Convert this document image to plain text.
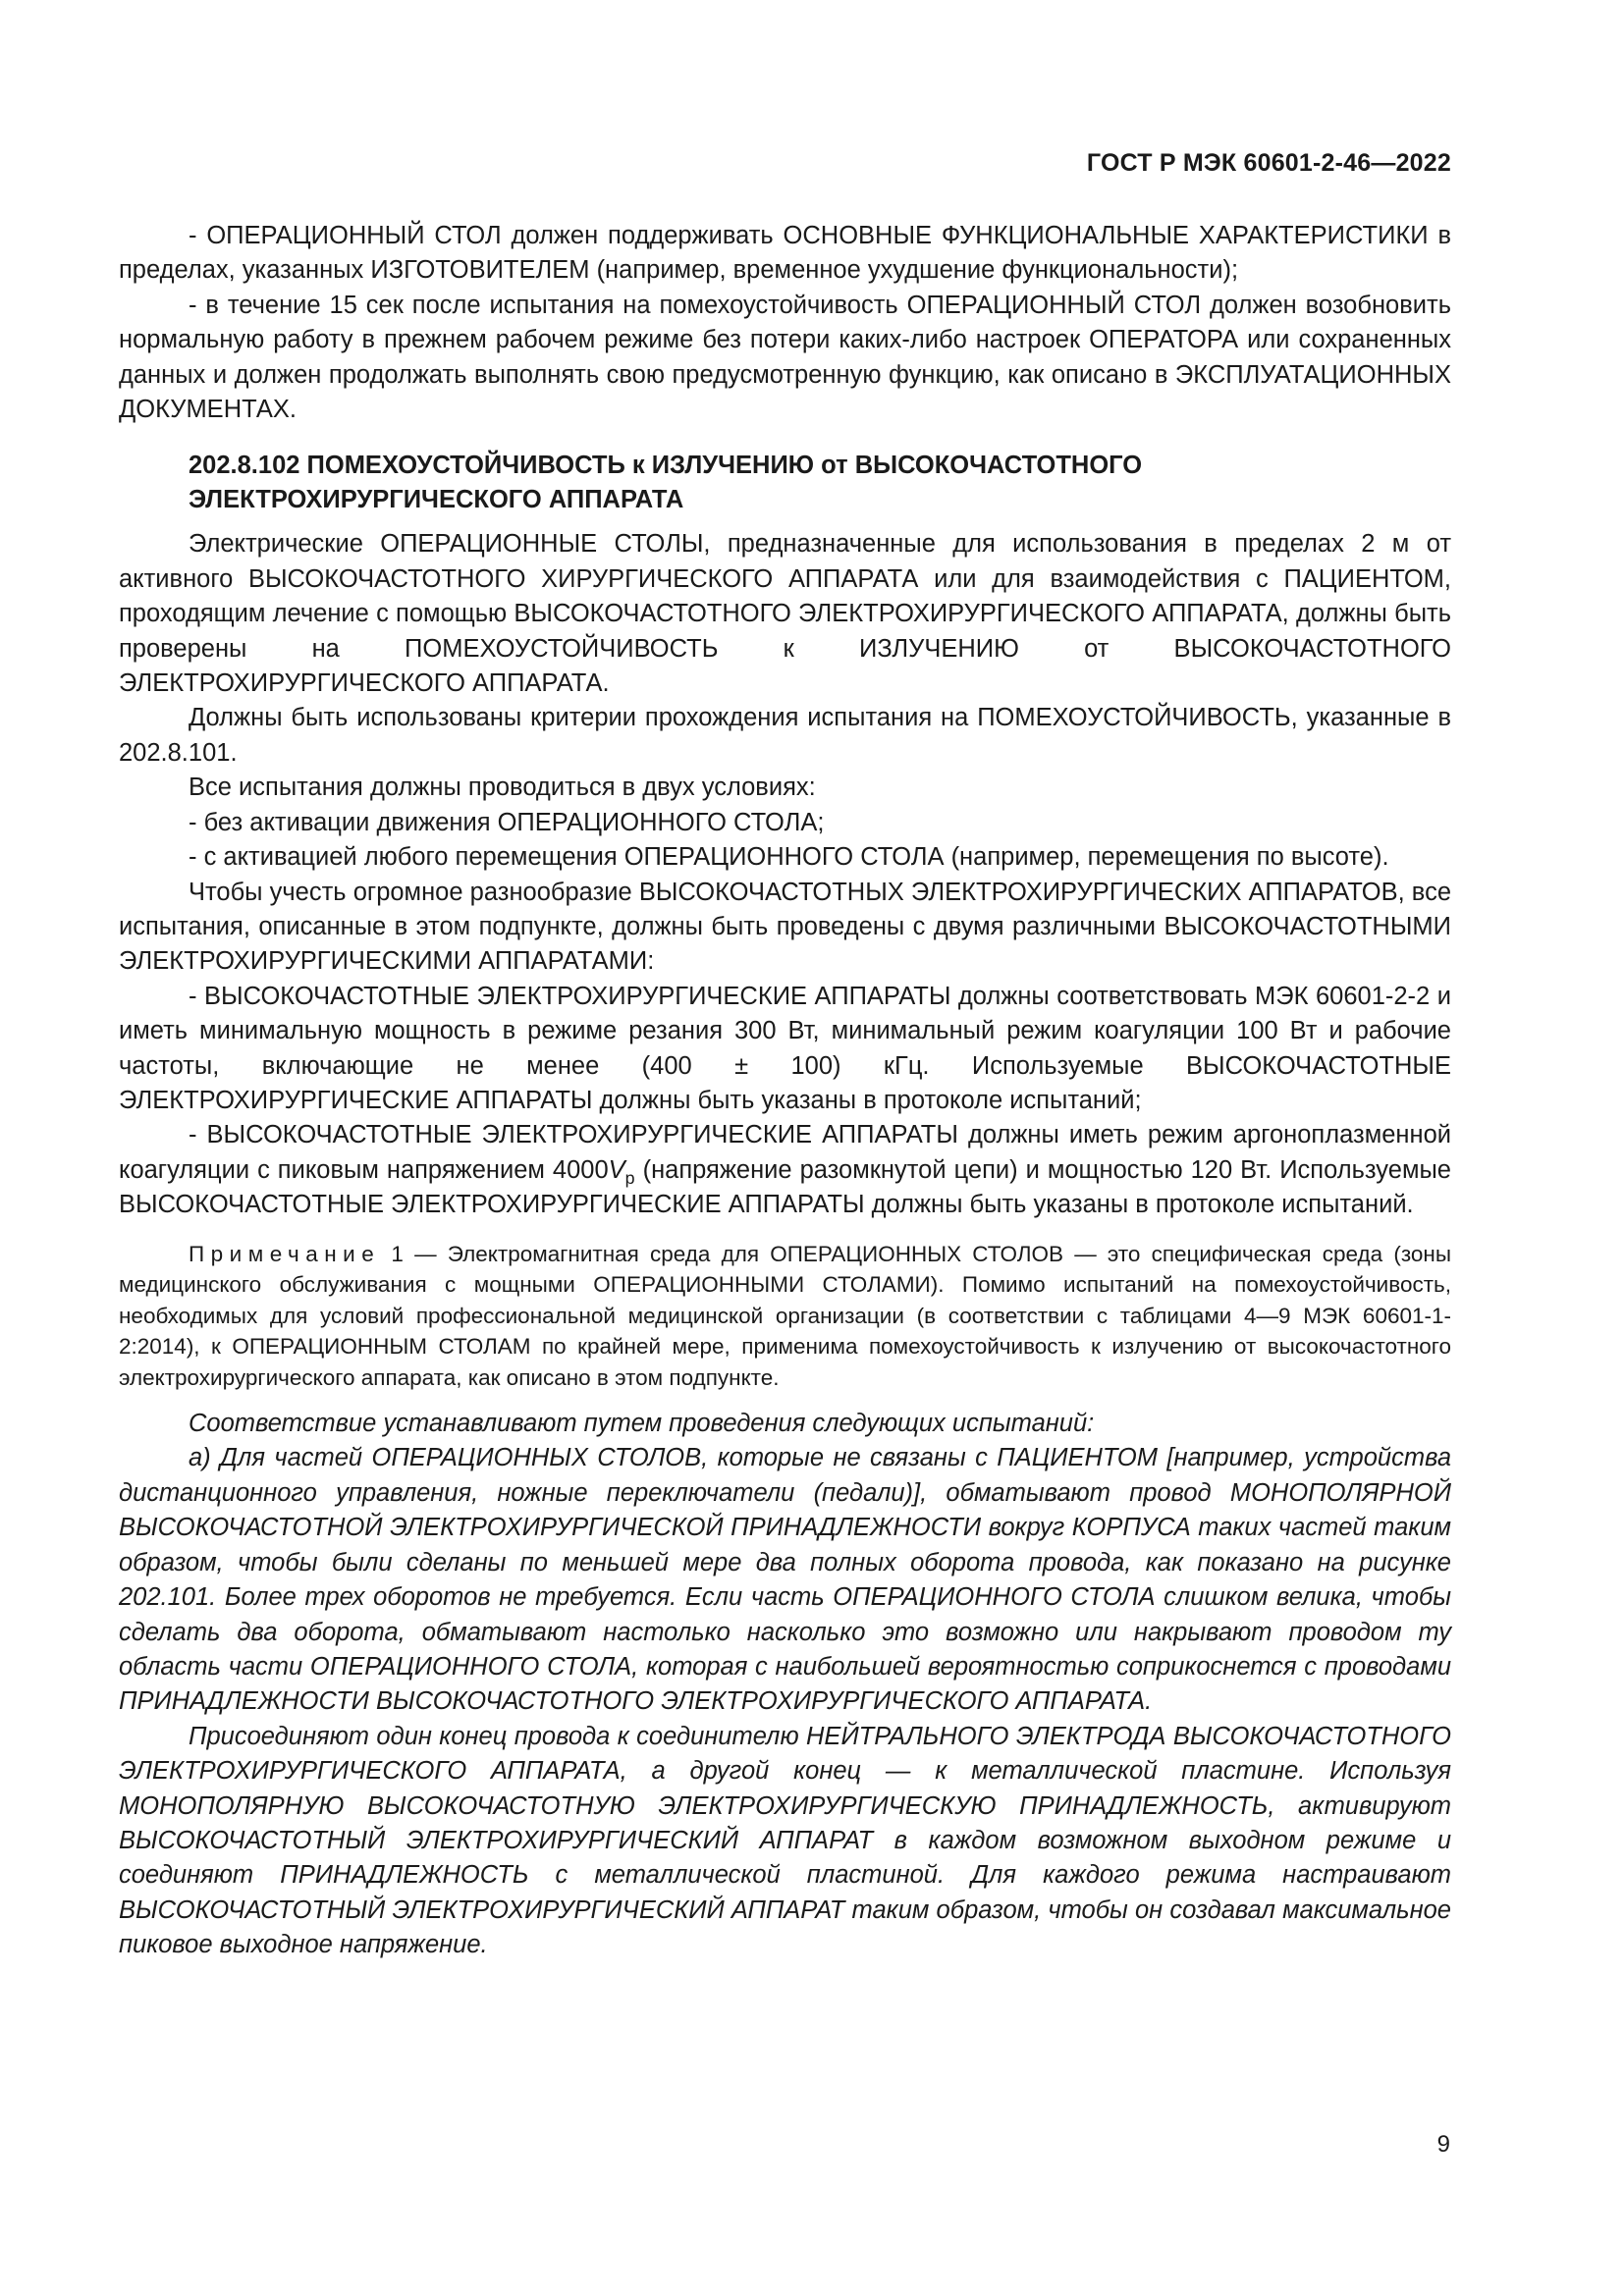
ГОСТ Р МЭК 60601-2-46—2022

- ОПЕРАЦИОННЫЙ СТОЛ должен поддерживать ОСНОВНЫЕ ФУНКЦИОНАЛЬНЫЕ ХАРАКТЕРИСТИКИ в пределах, указанных ИЗГОТОВИТЕЛЕМ (например, временное ухудшение функциональности);

- в течение 15 сек после испытания на помехоустойчивость ОПЕРАЦИОННЫЙ СТОЛ должен возобновить нормальную работу в прежнем рабочем режиме без потери каких-либо настроек ОПЕРАТОРА или сохраненных данных и должен продолжать выполнять свою предусмотренную функцию, как описано в ЭКСПЛУАТАЦИОННЫХ ДОКУМЕНТАХ.

202.8.102 ПОМЕХОУСТОЙЧИВОСТЬ к ИЗЛУЧЕНИЮ от ВЫСОКОЧАСТОТНОГО
ЭЛЕКТРОХИРУРГИЧЕСКОГО АППАРАТА

Электрические ОПЕРАЦИОННЫЕ СТОЛЫ, предназначенные для использования в пределах 2 м от активного ВЫСОКОЧАСТОТНОГО ХИРУРГИЧЕСКОГО АППАРАТА или для взаимодействия с ПАЦИЕНТОМ, проходящим лечение с помощью ВЫСОКОЧАСТОТНОГО ЭЛЕКТРОХИРУРГИЧЕСКОГО АППАРАТА, должны быть проверены на ПОМЕХОУСТОЙЧИВОСТЬ к ИЗЛУЧЕНИЮ от ВЫСОКОЧАСТОТНОГО ЭЛЕКТРОХИРУРГИЧЕСКОГО АППАРАТА.

Должны быть использованы критерии прохождения испытания на ПОМЕХОУСТОЙЧИВОСТЬ, указанные в 202.8.101.

Все испытания должны проводиться в двух условиях:

- без активации движения ОПЕРАЦИОННОГО СТОЛА;

- с активацией любого перемещения ОПЕРАЦИОННОГО СТОЛА (например, перемещения по высоте).

Чтобы учесть огромное разнообразие ВЫСОКОЧАСТОТНЫХ ЭЛЕКТРОХИРУРГИЧЕСКИХ АППАРАТОВ, все испытания, описанные в этом подпункте, должны быть проведены с двумя различными ВЫСОКОЧАСТОТНЫМИ ЭЛЕКТРОХИРУРГИЧЕСКИМИ АППАРАТАМИ:

- ВЫСОКОЧАСТОТНЫЕ ЭЛЕКТРОХИРУРГИЧЕСКИЕ АППАРАТЫ должны соответствовать МЭК 60601-2-2 и иметь минимальную мощность в режиме резания 300 Вт, минимальный режим коагуляции 100 Вт и рабочие частоты, включающие не менее (400 ± 100) кГц. Используемые ВЫСОКОЧАСТОТНЫЕ ЭЛЕКТРОХИРУРГИЧЕСКИЕ АППАРАТЫ должны быть указаны в протоколе испытаний;

- ВЫСОКОЧАСТОТНЫЕ ЭЛЕКТРОХИРУРГИЧЕСКИЕ АППАРАТЫ должны иметь режим аргоноплазменной коагуляции с пиковым напряжением $4000V_p$ (напряжение разомкнутой цепи) и мощностью 120 Вт. Используемые ВЫСОКОЧАСТОТНЫЕ ЭЛЕКТРОХИРУРГИЧЕСКИЕ АППАРАТЫ должны быть указаны в протоколе испытаний.

Примечание 1 — Электромагнитная среда для ОПЕРАЦИОННЫХ СТОЛОВ — это специфическая среда (зоны медицинского обслуживания с мощными ОПЕРАЦИОННЫМИ СТОЛАМИ). Помимо испытаний на помехоустойчивость, необходимых для условий профессиональной медицинской организации (в соответствии с таблицами 4—9 МЭК 60601-1-2:2014), к ОПЕРАЦИОННЫМ СТОЛАМ по крайней мере, применима помехоустойчивость к излучению от высокочастотного электрохирургического аппарата, как описано в этом подпункте.

Соответствие устанавливают путем проведения следующих испытаний:

а) Для частей ОПЕРАЦИОННЫХ СТОЛОВ, которые не связаны с ПАЦИЕНТОМ [например, устройства дистанционного управления, ножные переключатели (педали)], обматывают провод МОНОПОЛЯРНОЙ ВЫСОКОЧАСТОТНОЙ ЭЛЕКТРОХИРУРГИЧЕСКОЙ ПРИНАДЛЕЖНОСТИ вокруг КОРПУСА таких частей таким образом, чтобы были сделаны по меньшей мере два полных оборота провода, как показано на рисунке 202.101. Более трех оборотов не требуется. Если часть ОПЕРАЦИОННОГО СТОЛА слишком велика, чтобы сделать два оборота, обматывают настолько насколько это возможно или накрывают проводом ту область части ОПЕРАЦИОННОГО СТОЛА, которая с наибольшей вероятностью соприкоснется с проводами ПРИНАДЛЕЖНОСТИ ВЫСОКОЧАСТОТНОГО ЭЛЕКТРОХИРУРГИЧЕСКОГО АППАРАТА.

Присоединяют один конец провода к соединителю НЕЙТРАЛЬНОГО ЭЛЕКТРОДА ВЫСОКОЧАСТОТНОГО ЭЛЕКТРОХИРУРГИЧЕСКОГО АППАРАТА, а другой конец — к металлической пластине. Используя МОНОПОЛЯРНУЮ ВЫСОКОЧАСТОТНУЮ ЭЛЕКТРОХИРУРГИЧЕСКУЮ ПРИНАДЛЕЖНОСТЬ, активируют ВЫСОКОЧАСТОТНЫЙ ЭЛЕКТРОХИРУРГИЧЕСКИЙ АППАРАТ в каждом возможном выходном режиме и соединяют ПРИНАДЛЕЖНОСТЬ с металлической пластиной. Для каждого режима настраивают ВЫСОКОЧАСТОТНЫЙ ЭЛЕКТРОХИРУРГИЧЕСКИЙ АППАРАТ таким образом, чтобы он создавал максимальное пиковое выходное напряжение.

9
